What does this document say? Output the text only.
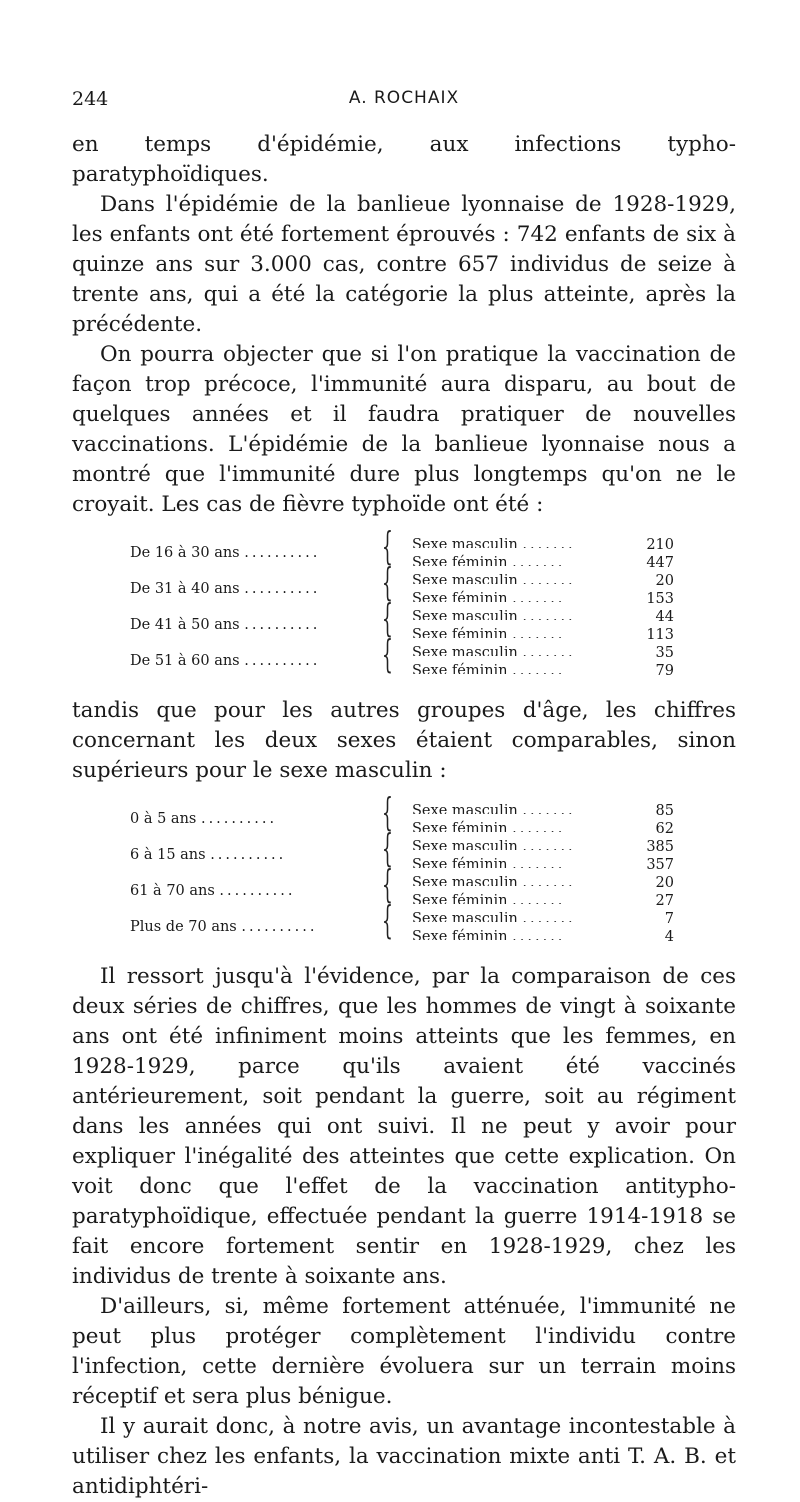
244	A. ROCHAIX

en temps d'épidémie, aux infections typho-paratyphoïdiques.

Dans l'épidémie de la banlieue lyonnaise de 1928-1929, les enfants ont été fortement éprouvés : 742 enfants de six à quinze ans sur 3.000 cas, contre 657 individus de seize à trente ans, qui a été la catégorie la plus atteinte, après la précédente.

On pourra objecter que si l'on pratique la vaccination de façon trop précoce, l'immunité aura disparu, au bout de quelques années et il faudra pratiquer de nouvelles vaccinations. L'épidémie de la banlieue lyonnaise nous a montré que l'immunité dure plus longtemps qu'on ne le croyait. Les cas de fièvre typhoïde ont été :

De 16 à 30 ans ..........	{ Sexe masculin .......	210
Sexe féminin .......	447
De 31 à 40 ans ..........	{ Sexe masculin .......	20
Sexe féminin .......	153
De 41 à 50 ans ..........	{ Sexe masculin .......	44
Sexe féminin .......	113
De 51 à 60 ans ..........	{ Sexe masculin .......	35
Sexe féminin .......	79

tandis que pour les autres groupes d'âge, les chiffres concernant les deux sexes étaient comparables, sinon supérieurs pour le sexe masculin :

0 à 5 ans ..........	{ Sexe masculin .......	85
Sexe féminin .......	62
6 à 15 ans ..........	{ Sexe masculin .......	385
Sexe féminin .......	357
61 à 70 ans ..........	{ Sexe masculin .......	20
Sexe féminin .......	27
Plus de 70 ans ..........	{ Sexe masculin .......	7
Sexe féminin .......	4

Il ressort jusqu'à l'évidence, par la comparaison de ces deux séries de chiffres, que les hommes de vingt à soixante ans ont été infiniment moins atteints que les femmes, en 1928-1929, parce qu'ils avaient été vaccinés antérieurement, soit pendant la guerre, soit au régiment dans les années qui ont suivi. Il ne peut y avoir pour expliquer l'inégalité des atteintes que cette explication. On voit donc que l'effet de la vaccination antitypho-paratyphoïdique, effectuée pendant la guerre 1914-1918 se fait encore fortement sentir en 1928-1929, chez les individus de trente à soixante ans.

D'ailleurs, si, même fortement atténuée, l'immunité ne peut plus protéger complètement l'individu contre l'infection, cette dernière évoluera sur un terrain moins réceptif et sera plus bénigue.

Il y aurait donc, à notre avis, un avantage incontestable à utiliser chez les enfants, la vaccination mixte anti T. A. B. et antidiphtéri-
